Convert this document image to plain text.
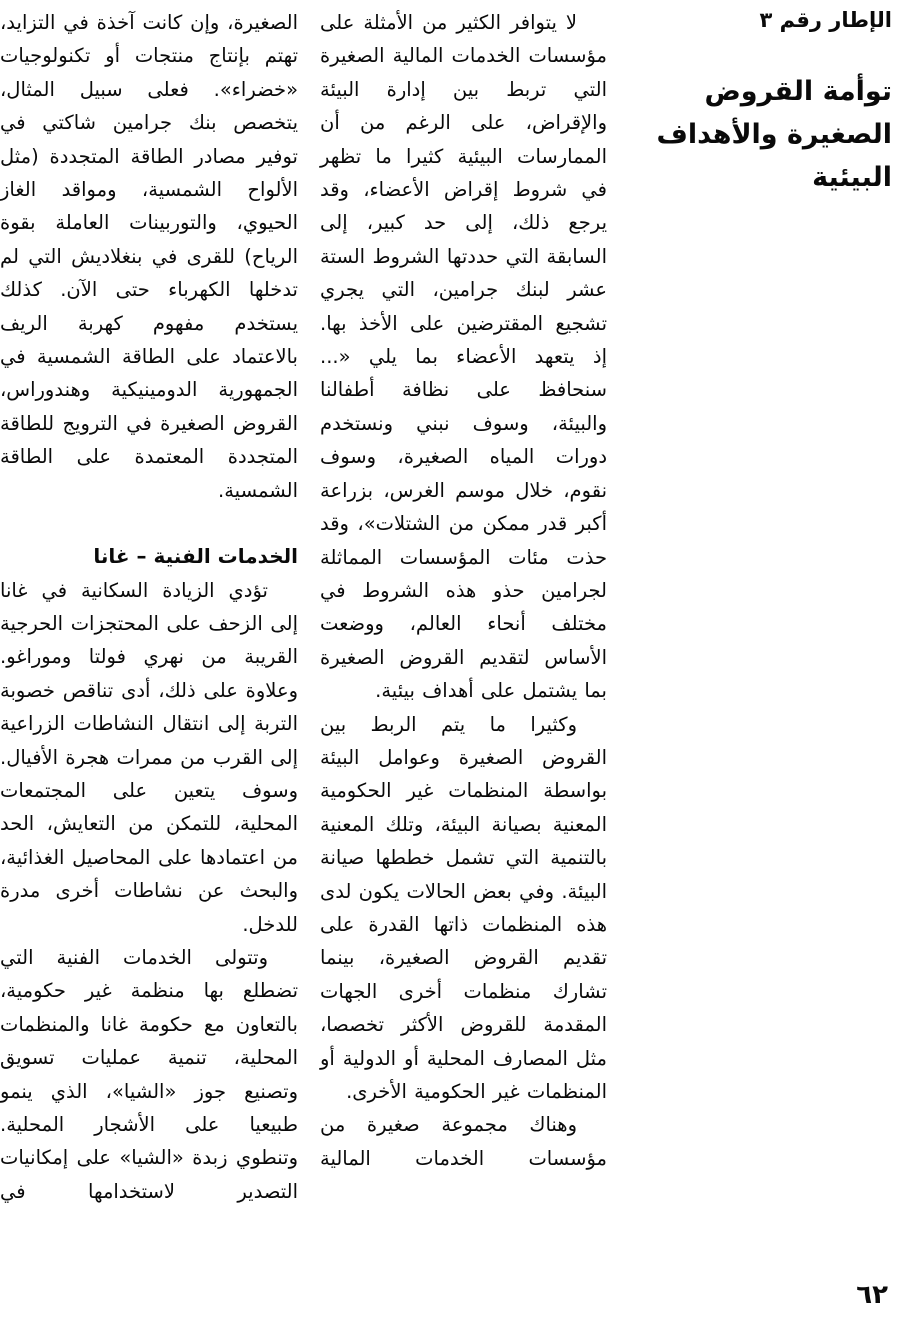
الإطار رقم ٣
توأمة القروض الصغيرة والأهداف البيئية

لا يتوافر الكثير من الأمثلة على مؤسسات الخدمات المالية الصغيرة التي تربط بين إدارة البيئة والإقراض، على الرغم من أن الممارسات البيئية كثيرا ما تظهر في شروط إقراض الأعضاء، وقد يرجع ذلك، إلى حد كبير، إلى السابقة التي حددتها الشروط الستة عشر لبنك جرامين، التي يجري تشجيع المقترضين على الأخذ بها. إذ يتعهد الأعضاء بما يلي «... سنحافظ على نظافة أطفالنا والبيئة، وسوف نبني ونستخدم دورات المياه الصغيرة، وسوف نقوم، خلال موسم الغرس، بزراعة أكبر قدر ممكن من الشتلات»، وقد حذت مئات المؤسسات المماثلة لجرامين حذو هذه الشروط في مختلف أنحاء العالم، ووضعت الأساس لتقديم القروض الصغيرة بما يشتمل على أهداف بيئية.

وكثيرا ما يتم الربط بين القروض الصغيرة وعوامل البيئة بواسطة المنظمات غير الحكومية المعنية بصيانة البيئة، وتلك المعنية بالتنمية التي تشمل خططها صيانة البيئة. وفي بعض الحالات يكون لدى هذه المنظمات ذاتها القدرة على تقديم القروض الصغيرة، بينما تشارك منظمات أخرى الجهات المقدمة للقروض الأكثر تخصصا، مثل المصارف المحلية أو الدولية أو المنظمات غير الحكومية الأخرى.

وهناك مجموعة صغيرة من مؤسسات الخدمات المالية

الصغيرة، وإن كانت آخذة في التزايد، تهتم بإنتاج منتجات أو تكنولوجيات «خضراء». فعلى سبيل المثال، يتخصص بنك جرامين شاكتي في توفير مصادر الطاقة المتجددة (مثل الألواح الشمسية، ومواقد الغاز الحيوي، والتوربينات العاملة بقوة الرياح) للقرى في بنغلاديش التي لم تدخلها الكهرباء حتى الآن. كذلك يستخدم مفهوم كهربة الريف بالاعتماد على الطاقة الشمسية في الجمهورية الدومينيكية وهندوراس، القروض الصغيرة في الترويج للطاقة المتجددة المعتمدة على الطاقة الشمسية.

الخدمات الفنية – غانا

تؤدي الزيادة السكانية في غانا إلى الزحف على المحتجزات الحرجية القريبة من نهري فولتا وموراغو. وعلاوة على ذلك، أدى تناقص خصوبة التربة إلى انتقال النشاطات الزراعية إلى القرب من ممرات هجرة الأفيال. وسوف يتعين على المجتمعات المحلية، للتمكن من التعايش، الحد من اعتمادها على المحاصيل الغذائية، والبحث عن نشاطات أخرى مدرة للدخل.

وتتولى الخدمات الفنية التي تضطلع بها منظمة غير حكومية، بالتعاون مع حكومة غانا والمنظمات المحلية، تنمية عمليات تسويق وتصنيع جوز «الشيا»، الذي ينمو طبيعيا على الأشجار المحلية. وتنطوي زبدة «الشيا» على إمكانيات التصدير لاستخدامها في

٦٢
